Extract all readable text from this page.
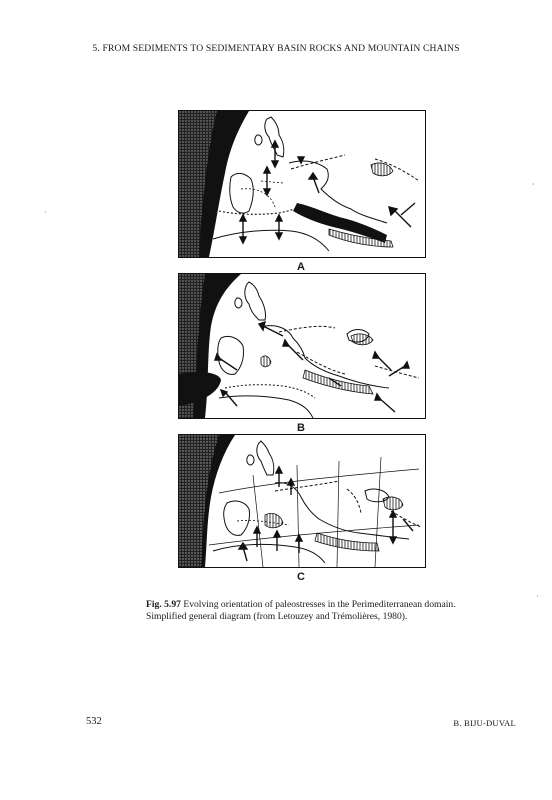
5. FROM SEDIMENTS TO SEDIMENTARY BASIN ROCKS AND MOUNTAIN CHAINS
A
B
C
Fig. 5.97 Evolving orientation of paleostresses in the Perimediterranean domain.
Simplified general diagram (from Letouzey and Trémolières, 1980).
532	B. BIJU-DUVAL
·
·
·
